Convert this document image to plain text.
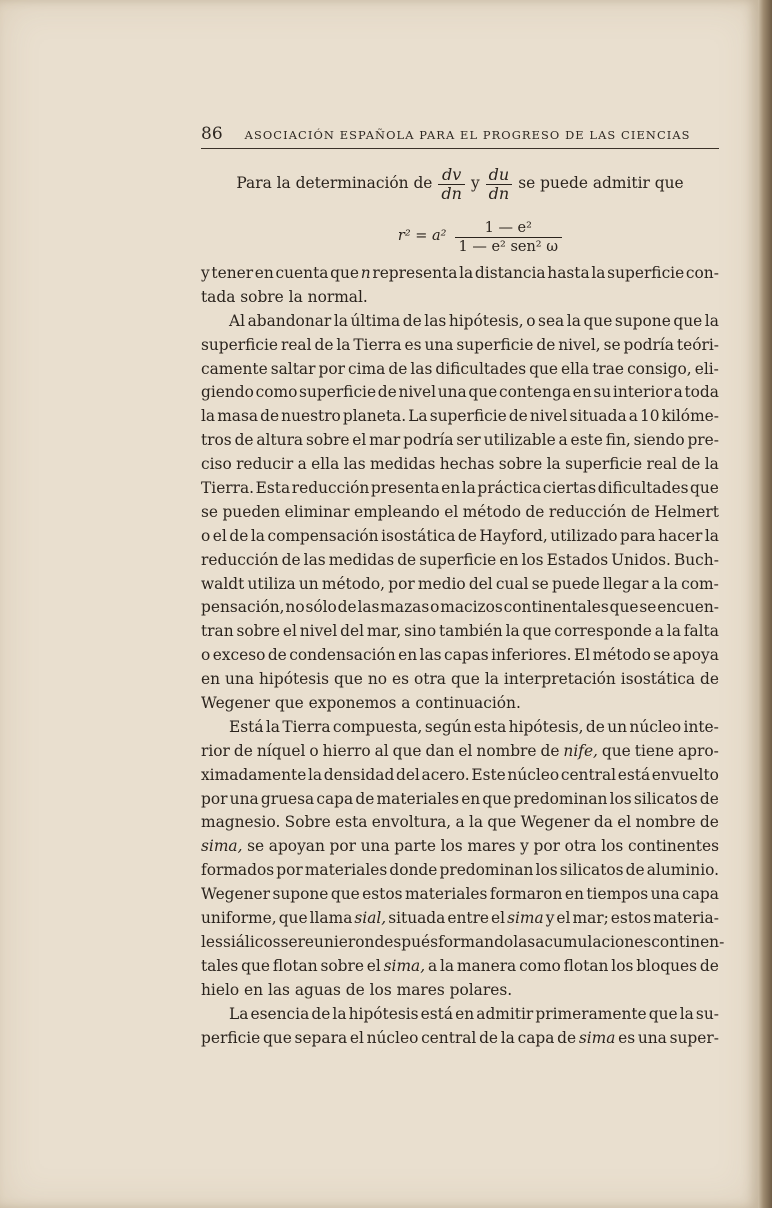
86 ASOCIACIÓN ESPAÑOLA PARA EL PROGRESO DE LAS CIENCIAS
Para la determinación de $\frac{dv}{dn}$ y $\frac{du}{dn}$ se puede admitir que
$r^2 = a^2 \frac{\text{1 — e²}}{\text{1 — e² sen² ω}}$
y tener en cuenta que n representa la distancia hasta la superficie con-
tada sobre la normal.
Al abandonar la última de las hipótesis, o sea la que supone que la
superficie real de la Tierra es una superficie de nivel, se podría teóri-
camente saltar por cima de las dificultades que ella trae consigo, eli-
giendo como superficie de nivel una que contenga en su interior a toda
la masa de nuestro planeta. La superficie de nivel situada a 10 kilóme-
tros de altura sobre el mar podría ser utilizable a este fin, siendo pre-
ciso reducir a ella las medidas hechas sobre la superficie real de la
Tierra. Esta reducción presenta en la práctica ciertas dificultades que
se pueden eliminar empleando el método de reducción de Helmert
o el de la compensación isostática de Hayford, utilizado para hacer la
reducción de las medidas de superficie en los Estados Unidos. Buch-
waldt utiliza un método, por medio del cual se puede llegar a la com-
pensación, no sólo de las mazas o macizos continentales que se encuen-
tran sobre el nivel del mar, sino también la que corresponde a la falta
o exceso de condensación en las capas inferiores. El método se apoya
en una hipótesis que no es otra que la interpretación isostática de
Wegener que exponemos a continuación.
Está la Tierra compuesta, según esta hipótesis, de un núcleo inte-
rior de níquel o hierro al que dan el nombre de nife, que tiene apro-
ximadamente la densidad del acero. Este núcleo central está envuelto
por una gruesa capa de materiales en que predominan los silicatos de
magnesio. Sobre esta envoltura, a la que Wegener da el nombre de
sima, se apoyan por una parte los mares y por otra los continentes
formados por materiales donde predominan los silicatos de aluminio.
Wegener supone que estos materiales formaron en tiempos una capa
uniforme, que llama sial, situada entre el sima y el mar; estos materia-
les siálicos se reunieron después formando las acumulaciones continen-
tales que flotan sobre el sima, a la manera como flotan los bloques de
hielo en las aguas de los mares polares.
La esencia de la hipótesis está en admitir primeramente que la su-
perficie que separa el núcleo central de la capa de sima es una super-
